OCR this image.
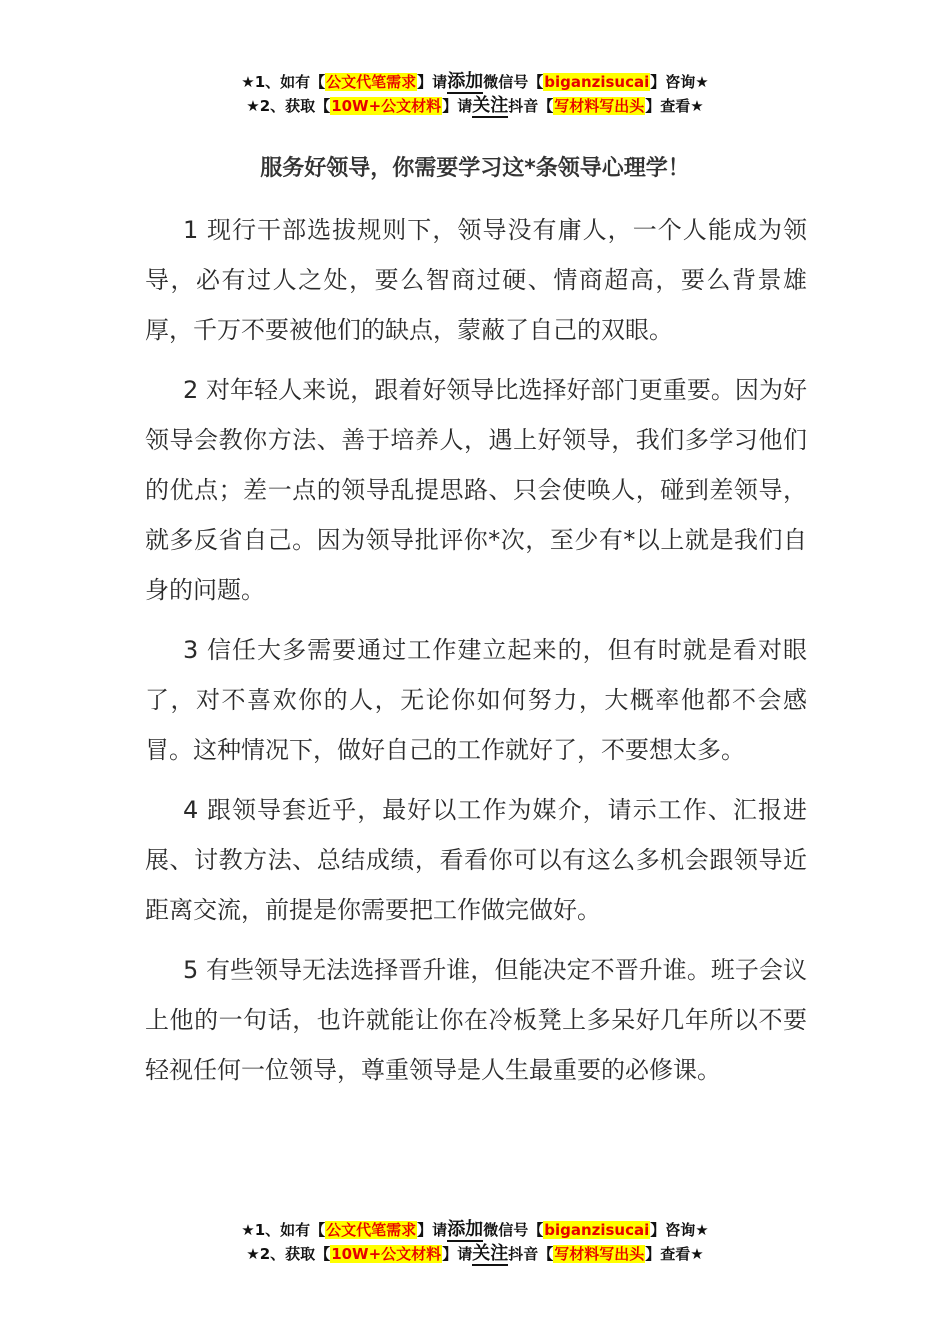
★1、如有【公文代笔需求】请添加微信号【biganzisucai】咨询★
★2、获取【10W+公文材料】请关注抖音【写材料写出头】查看★
服务好领导，你需要学习这*条领导心理学！

1 现行干部选拔规则下，领导没有庸人，一个人能成为领导，必有过人之处，要么智商过硬、情商超高，要么背景雄厚，千万不要被他们的缺点，蒙蔽了自己的双眼。

2 对年轻人来说，跟着好领导比选择好部门更重要。因为好领导会教你方法、善于培养人，遇上好领导，我们多学习他们的优点；差一点的领导乱提思路、只会使唤人，碰到差领导，就多反省自己。因为领导批评你*次，至少有*以上就是我们自身的问题。

3 信任大多需要通过工作建立起来的，但有时就是看对眼了，对不喜欢你的人，无论你如何努力，大概率他都不会感冒。这种情况下，做好自己的工作就好了，不要想太多。

4 跟领导套近乎，最好以工作为媒介，请示工作、汇报进展、讨教方法、总结成绩，看看你可以有这么多机会跟领导近距离交流，前提是你需要把工作做完做好。

5 有些领导无法选择晋升谁，但能决定不晋升谁。班子会议上他的一句话，也许就能让你在冷板凳上多呆好几年所以不要轻视任何一位领导，尊重领导是人生最重要的必修课。

★1、如有【公文代笔需求】请添加微信号【biganzisucai】咨询★
★2、获取【10W+公文材料】请关注抖音【写材料写出头】查看★
